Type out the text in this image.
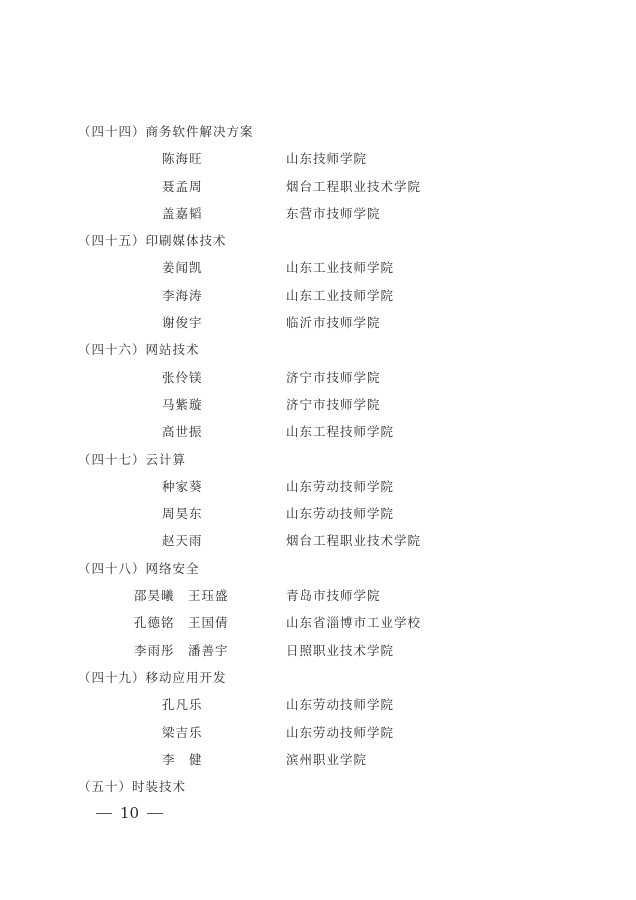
（四十四）商务软件解决方案
陈海旺	山东技师学院
聂孟周	烟台工程职业技术学院
盖嘉韬	东营市技师学院
（四十五）印刷媒体技术
姜闻凯	山东工业技师学院
李海涛	山东工业技师学院
谢俊宇	临沂市技师学院
（四十六）网站技术
张伶镁	济宁市技师学院
马紫璇	济宁市技师学院
高世振	山东工程技师学院
（四十七）云计算
种家葵	山东劳动技师学院
周昊东	山东劳动技师学院
赵天雨	烟台工程职业技术学院
（四十八）网络安全
邵昊曦　王珏盛	青岛市技师学院
孔德铭　王国倩	山东省淄博市工业学校
李雨彤　潘善宇	日照职业技术学院
（四十九）移动应用开发
孔凡乐	山东劳动技师学院
梁吉乐	山东劳动技师学院
李　健	滨州职业学院
（五十）时装技术
10
